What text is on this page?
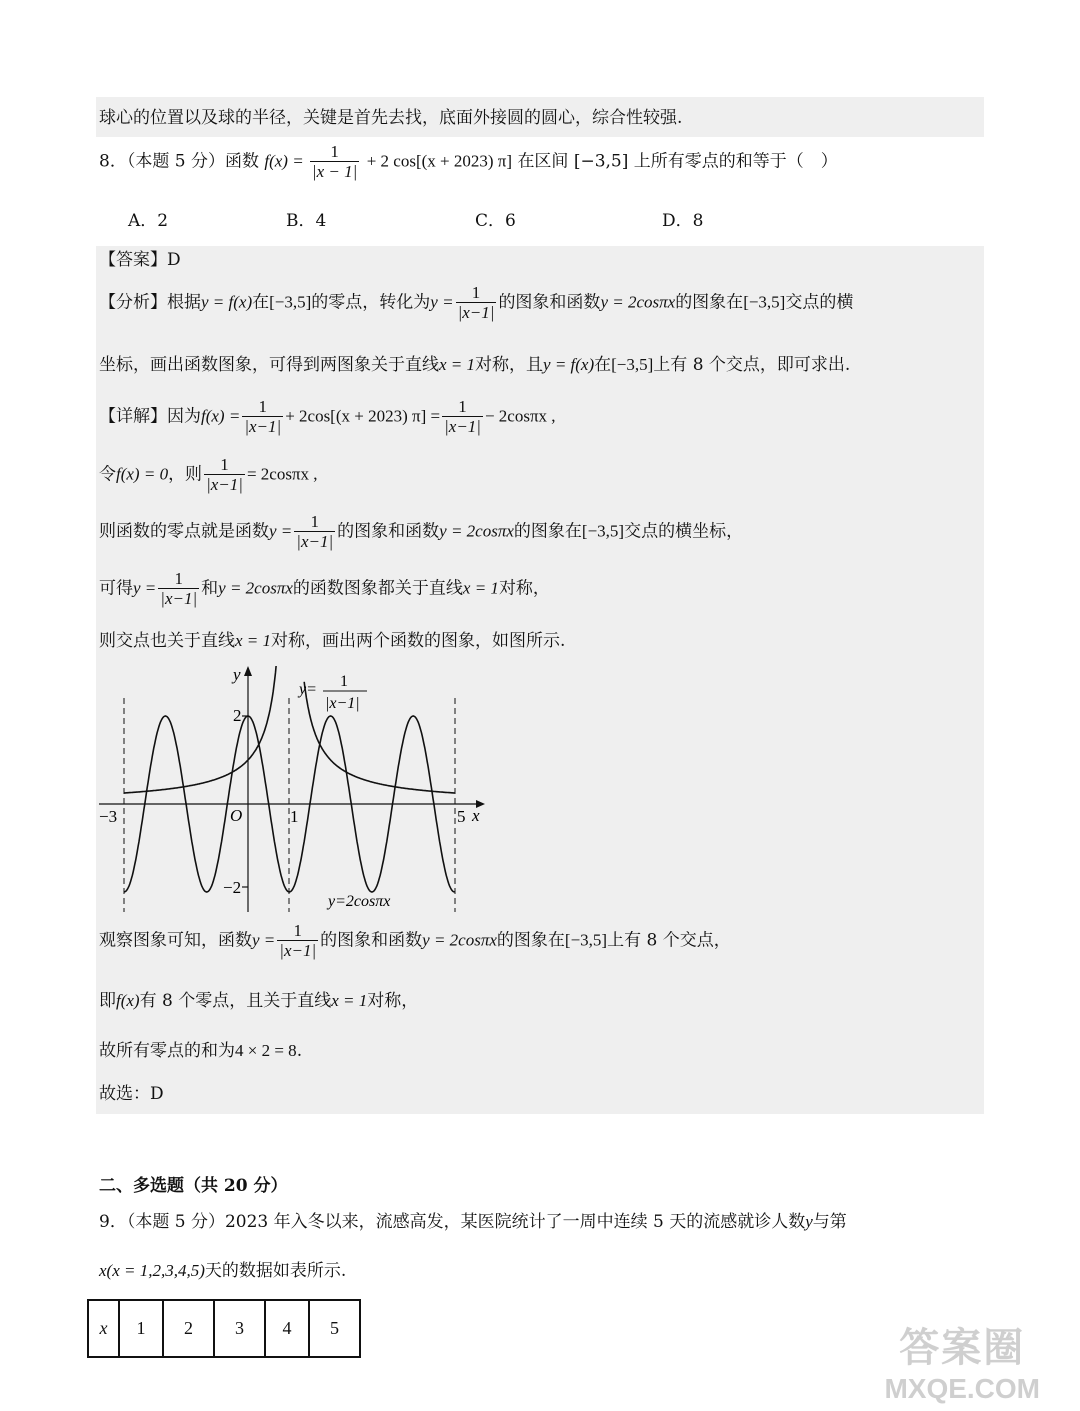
球心的位置以及球的半径，关键是首先去找，底面外接圆的圆心，综合性较强.
8．（本题 5 分）函数 $f(x) = \frac{1}{|x - 1|} + 2$ cos[(x + 2023) π] 在区间 [−3,5] 上所有零点的和等于（　）
A．2	B．4	C．6	D．8
【答案】D
【分析】根据y = f(x)在[−3,5]的零点，转化为$y = \frac{1}{|x-1|}$ 的图象和函数y = 2cosπx的图象在[−3,5]交点的横
坐标，画出函数图象，可得到两图象关于直线x = 1对称，且y = f(x)在[−3,5]上有 8 个交点，即可求出.
【详解】因为$f(x) = \frac{1}{|x-1|} + 2\cos[(x + 2023) \pi] = \frac{1}{|x-1|} - 2\cos\pi x$ ,
令f(x) = 0，则 $\frac{1}{|x-1|} = 2\cos\pi x$ ,
则函数的零点就是函数$y = \frac{1}{|x-1|}$ 的图象和函数y = 2cosπx的图象在[−3,5]交点的横坐标，
可得$y = \frac{1}{|x-1|}$ 和y = 2cosπx的函数图象都关于直线x = 1对称，
则交点也关于直线x = 1对称，画出两个函数的图象，如图所示.
y
x
O
−3	1	5
2
−2
y= 1
|x−1|
y=2cosπx
观察图象可知，函数$y = \frac{1}{|x-1|}$ 的图象和函数y = 2cosπx的图象在[−3,5]上有 8 个交点，
即f(x)有 8 个零点，且关于直线x = 1对称，
故所有零点的和为4 × 2 = 8.
故选：D
二、多选题（共 20 分）
9．（本题 5 分）2023 年入冬以来，流感高发，某医院统计了一周中连续 5 天的流感就诊人数y与第
x(x = 1,2,3,4,5)天的数据如表所示.
x	1	2	3	4	5	答案圈
MXQE.COM
